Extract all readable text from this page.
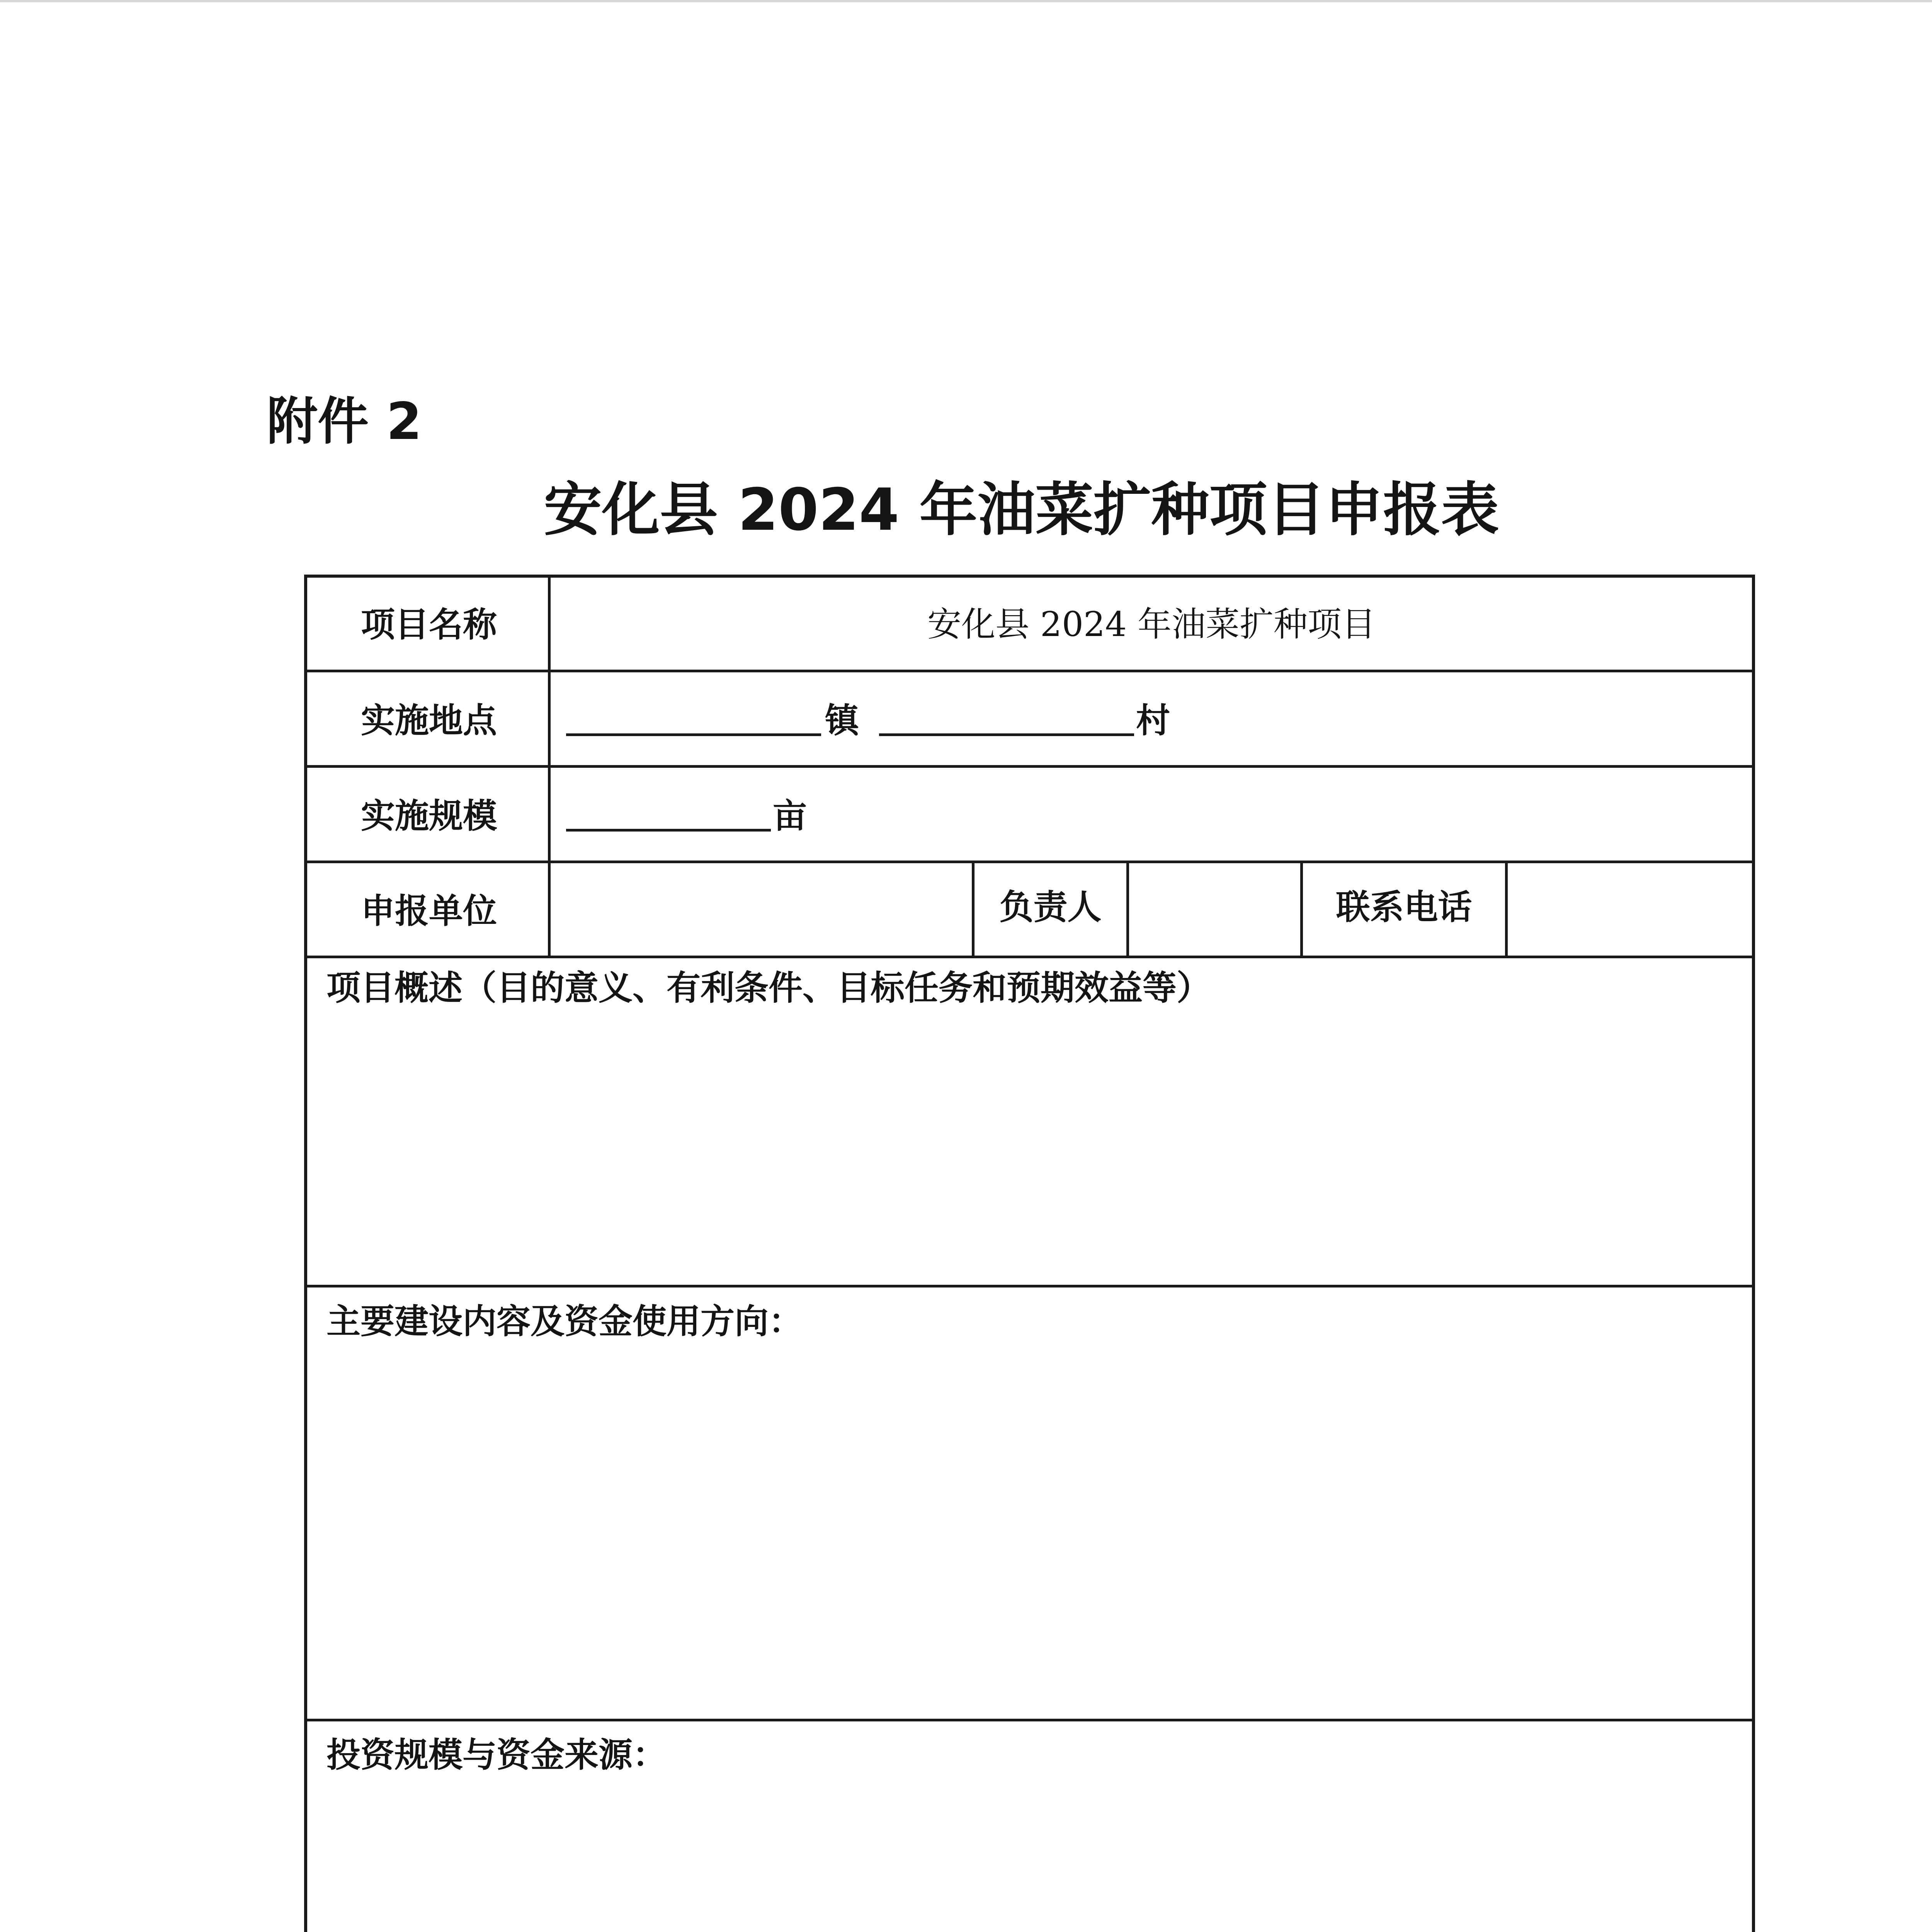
附件 2
安化县 2024 年油菜扩种项目申报表
项目名称	安化县 2024 年油菜扩种项目
实施地点	镇	村
实施规模	亩
申报单位	负责人	联系电话
项目概述（目的意义、有利条件、目标任务和预期效益等）
主要建设内容及资金使用方向：
投资规模与资金来源：
